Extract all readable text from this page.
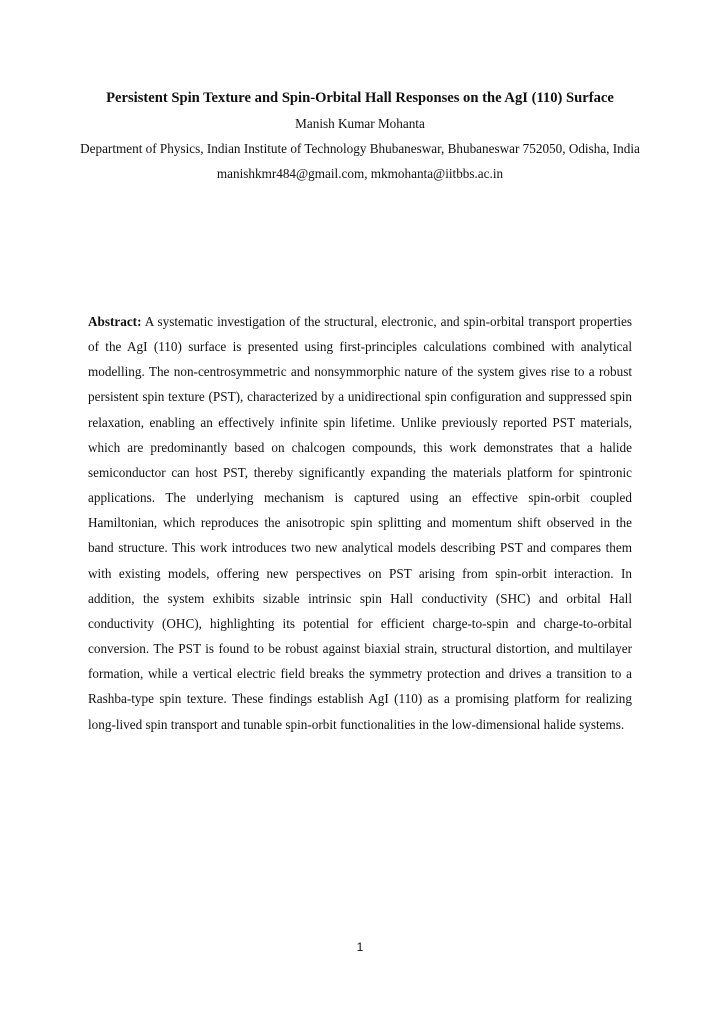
Persistent Spin Texture and Spin-Orbital Hall Responses on the AgI (110) Surface

Manish Kumar Mohanta

Department of Physics, Indian Institute of Technology Bhubaneswar, Bhubaneswar 752050, Odisha, India

manishkmr484@gmail.com, mkmohanta@iitbbs.ac.in

Abstract: A systematic investigation of the structural, electronic, and spin-orbital transport properties of the AgI (110) surface is presented using first-principles calculations combined with analytical modelling. The non-centrosymmetric and nonsymmorphic nature of the system gives rise to a robust persistent spin texture (PST), characterized by a unidirectional spin configuration and suppressed spin relaxation, enabling an effectively infinite spin lifetime. Unlike previously reported PST materials, which are predominantly based on chalcogen compounds, this work demonstrates that a halide semiconductor can host PST, thereby significantly expanding the materials platform for spintronic applications. The underlying mechanism is captured using an effective spin-orbit coupled Hamiltonian, which reproduces the anisotropic spin splitting and momentum shift observed in the band structure. This work introduces two new analytical models describing PST and compares them with existing models, offering new perspectives on PST arising from spin-orbit interaction. In addition, the system exhibits sizable intrinsic spin Hall conductivity (SHC) and orbital Hall conductivity (OHC), highlighting its potential for efficient charge-to-spin and charge-to-orbital conversion. The PST is found to be robust against biaxial strain, structural distortion, and multilayer formation, while a vertical electric field breaks the symmetry protection and drives a transition to a Rashba-type spin texture. These findings establish AgI (110) as a promising platform for realizing long-lived spin transport and tunable spin-orbit functionalities in the low-dimensional halide systems.

1
